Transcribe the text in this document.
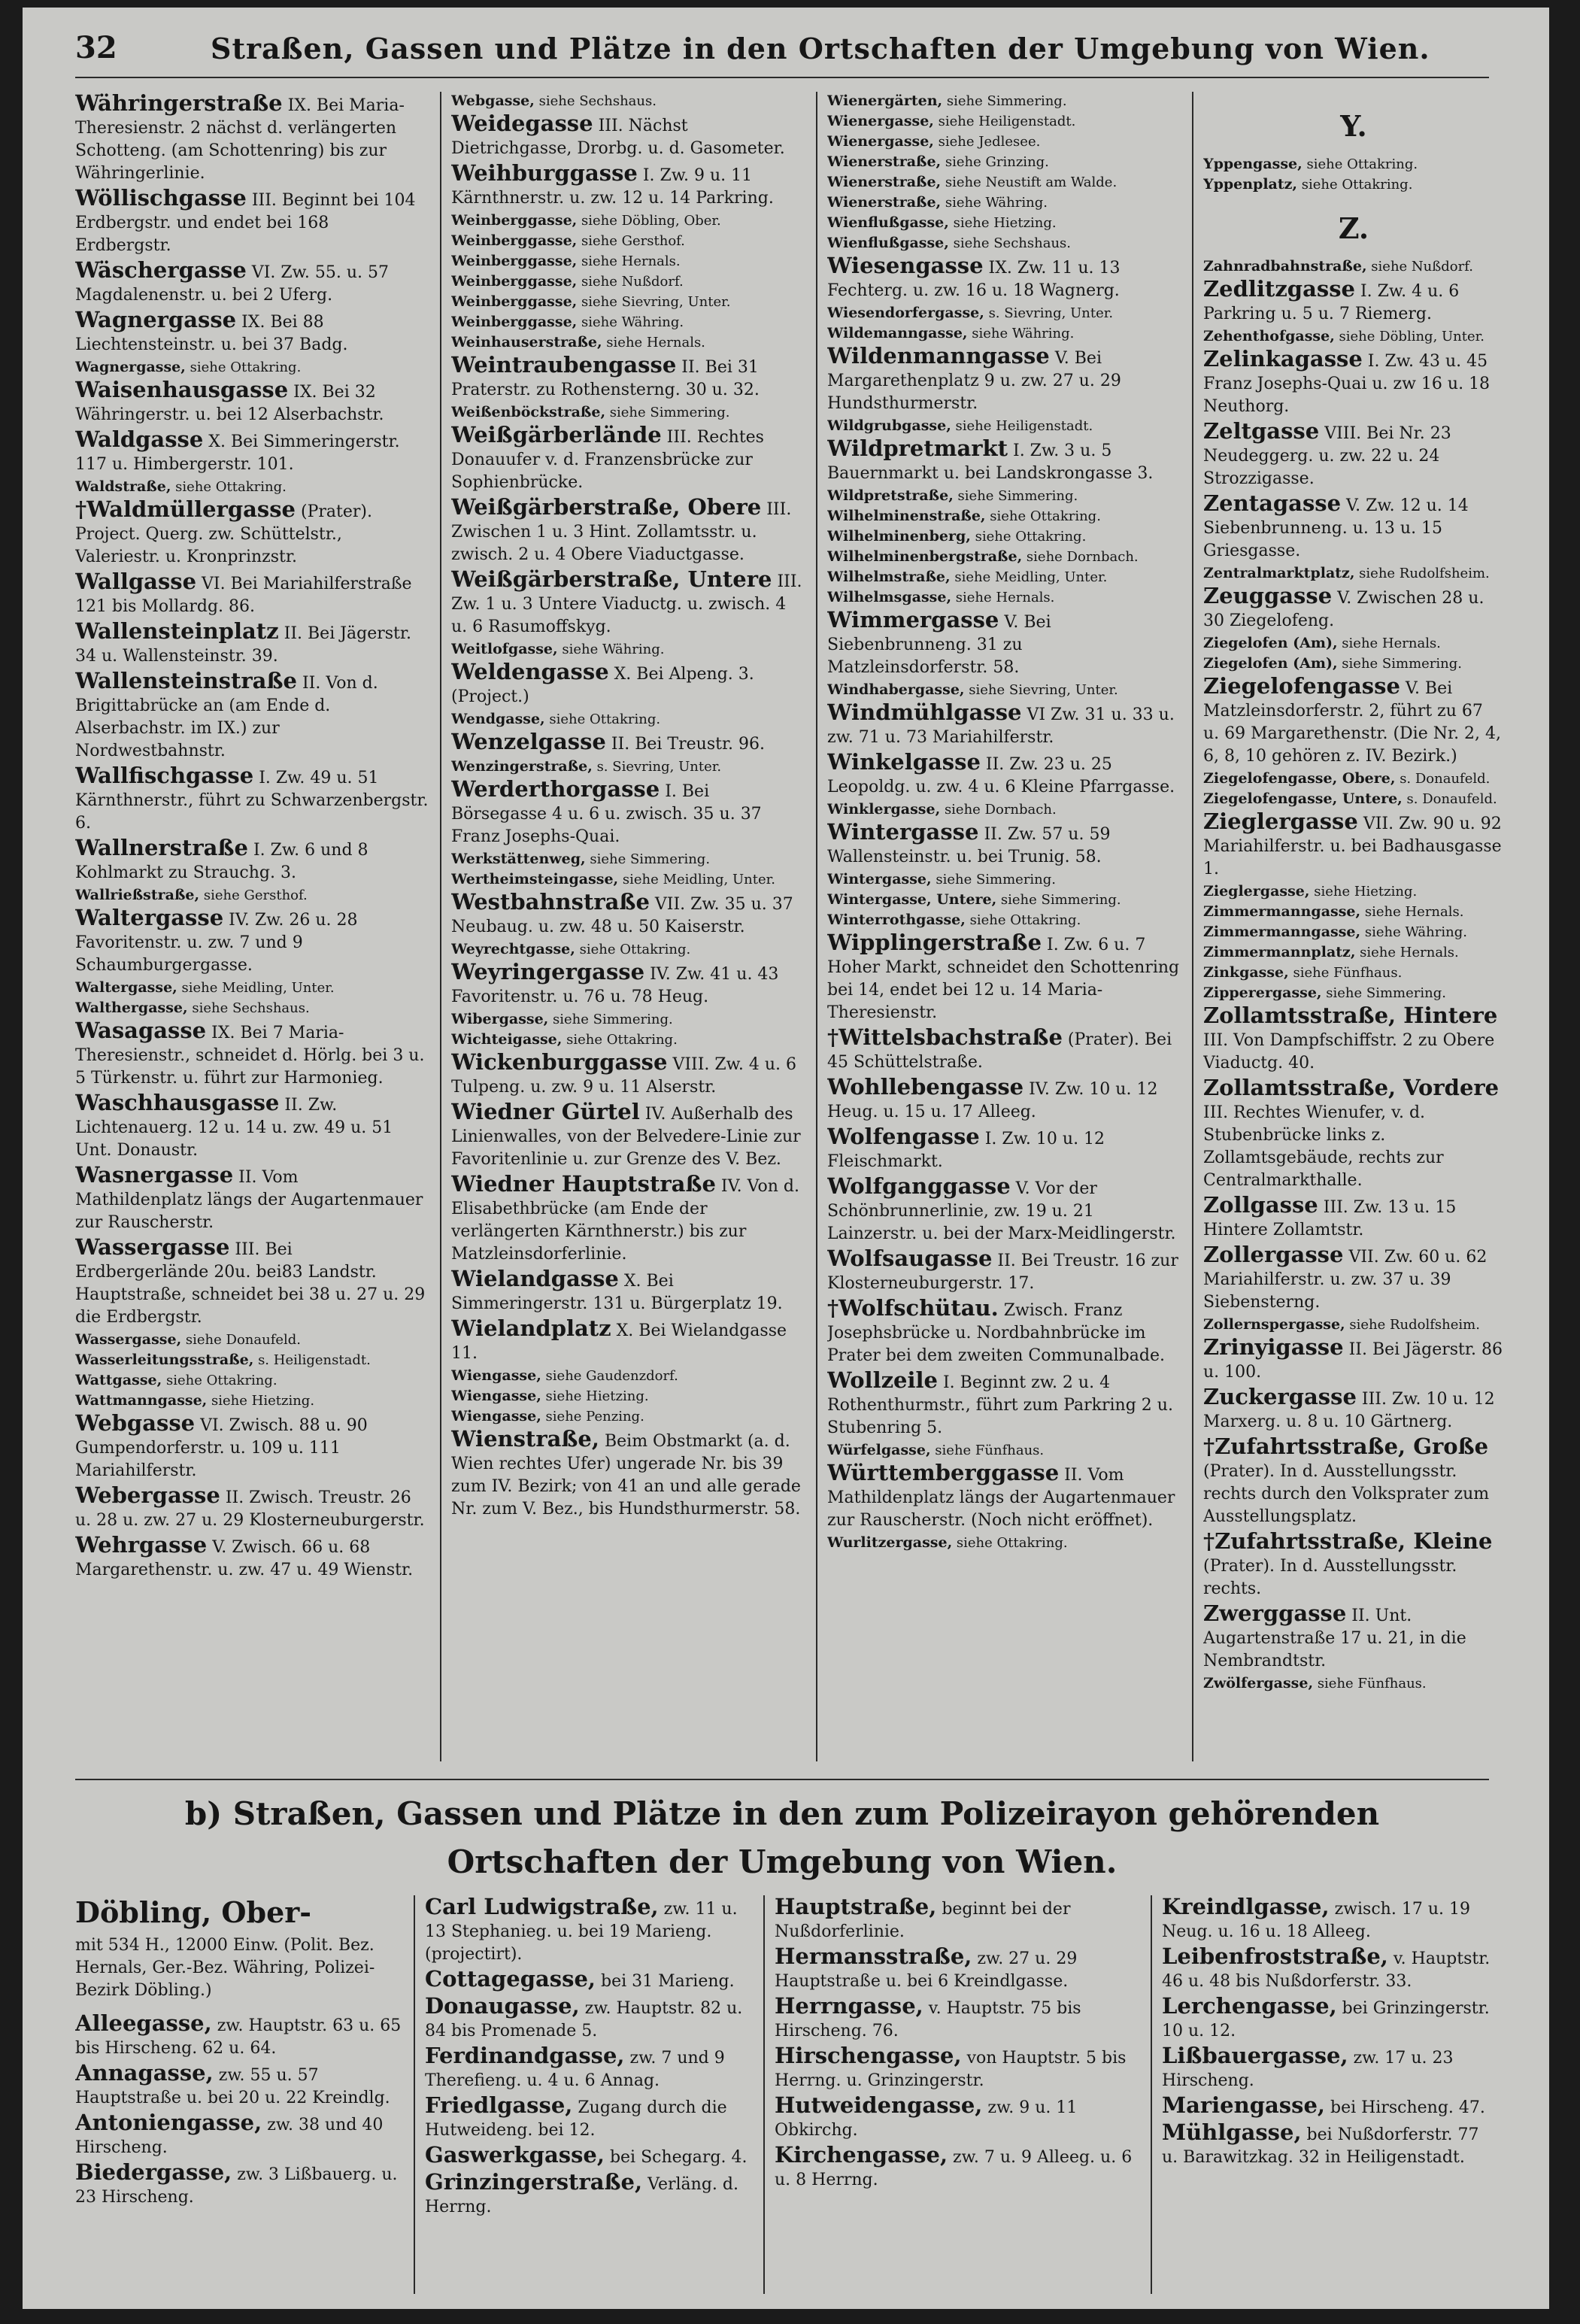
32	Straßen, Gassen und Plätze in den Ortschaften der Umgebung von Wien.
Währingerstraße IX. Bei Maria-Theresienstr. 2 nächst d. verlängerten Schotteng. (am Schottenring) bis zur Währingerlinie.
Wöllischgasse III. Beginnt bei 104 Erdbergstr. und endet bei 168 Erdbergstr.
Wäschergasse VI. Zw. 55. u. 57 Magdalenenstr. u. bei 2 Uferg.
Wagnergasse IX. Bei 88 Liechtensteinstr. u. bei 37 Badg.
Wagnergasse, siehe Ottakring.
Waisenhausgasse IX. Bei 32 Währingerstr. u. bei 12 Alserbachstr.
Waldgasse X. Bei Simmeringerstr. 117 u. Himbergerstr. 101.
Waldstraße, siehe Ottakring.
†Waldmüllergasse (Prater). Project. Querg. zw. Schüttelstr., Valeriestr. u. Kronprinzstr.
Wallgasse VI. Bei Mariahilferstraße 121 bis Mollardg. 86.
Wallensteinplatz II. Bei Jägerstr. 34 u. Wallensteinstr. 39.
Wallensteinstraße II. Von d. Brigittabrücke an (am Ende d. Alserbachstr. im IX.) zur Nordwestbahnstr.
Wallfischgasse I. Zw. 49 u. 51 Kärnthnerstr., führt zu Schwarzenbergstr. 6.
Wallnerstraße I. Zw. 6 und 8 Kohlmarkt zu Strauchg. 3.
Wallrießstraße, siehe Gersthof.
Waltergasse IV. Zw. 26 u. 28 Favoritenstr. u. zw. 7 und 9 Schaumburgergasse.
Waltergasse, siehe Meidling, Unter.
Walthergasse, siehe Sechshaus.
Wasagasse IX. Bei 7 Maria-Theresienstr., schneidet d. Hörlg. bei 3 u. 5 Türkenstr. u. führt zur Harmonieg.
Waschhausgasse II. Zw. Lichtenauerg. 12 u. 14 u. zw. 49 u. 51 Unt. Donaustr.
Wasnergasse II. Vom Mathildenplatz längs der Augartenmauer zur Rauscherstr.
Wassergasse III. Bei Erdbergerlände 20u. bei83 Landstr. Hauptstraße, schneidet bei 38 u. 27 u. 29 die Erdbergstr.
Wassergasse, siehe Donaufeld.
Wasserleitungsstraße, s. Heiligenstadt.
Wattgasse, siehe Ottakring.
Wattmanngasse, siehe Hietzing.
Webgasse VI. Zwisch. 88 u. 90 Gumpendorferstr. u. 109 u. 111 Mariahilferstr.
Webergasse II. Zwisch. Treustr. 26 u. 28 u. zw. 27 u. 29 Klosterneuburgerstr.
Wehrgasse V. Zwisch. 66 u. 68 Margarethenstr. u. zw. 47 u. 49 Wienstr.
Webgasse, siehe Sechshaus.
Weidegasse III. Nächst Dietrichgasse, Drorbg. u. d. Gasometer.
Weihburggasse I. Zw. 9 u. 11 Kärnthnerstr. u. zw. 12 u. 14 Parkring.
Weinberggasse, siehe Döbling, Ober.
Weinberggasse, siehe Gersthof.
Weinberggasse, siehe Hernals.
Weinberggasse, siehe Nußdorf.
Weinberggasse, siehe Sievring, Unter.
Weinberggasse, siehe Währing.
Weinhauserstraße, siehe Hernals.
Weintraubengasse II. Bei 31 Praterstr. zu Rothensterng. 30 u. 32.
Weißenböckstraße, siehe Simmering.
Weißgärberlände III. Rechtes Donauufer v. d. Franzensbrücke zur Sophienbrücke.
Weißgärberstraße, Obere III. Zwischen 1 u. 3 Hint. Zollamtsstr. u. zwisch. 2 u. 4 Obere Viaductgasse.
Weißgärberstraße, Untere III. Zw. 1 u. 3 Untere Viaductg. u. zwisch. 4 u. 6 Rasumoffskyg.
Weitlofgasse, siehe Währing.
Weldengasse X. Bei Alpeng. 3. (Project.)
Wendgasse, siehe Ottakring.
Wenzelgasse II. Bei Treustr. 96.
Wenzingerstraße, s. Sievring, Unter.
Werderthorgasse I. Bei Börsegasse 4 u. 6 u. zwisch. 35 u. 37 Franz Josephs-Quai.
Werkstättenweg, siehe Simmering.
Wertheimsteingasse, siehe Meidling, Unter.
Westbahnstraße VII. Zw. 35 u. 37 Neubaug. u. zw. 48 u. 50 Kaiserstr.
Weyrechtgasse, siehe Ottakring.
Weyringergasse IV. Zw. 41 u. 43 Favoritenstr. u. 76 u. 78 Heug.
Wibergasse, siehe Simmering.
Wichteigasse, siehe Ottakring.
Wickenburggasse VIII. Zw. 4 u. 6 Tulpeng. u. zw. 9 u. 11 Alserstr.
Wiedner Gürtel IV. Außerhalb des Linienwalles, von der Belvedere-Linie zur Favoritenlinie u. zur Grenze des V. Bez.
Wiedner Hauptstraße IV. Von d. Elisabethbrücke (am Ende der verlängerten Kärnthnerstr.) bis zur Matzleinsdorferlinie.
Wielandgasse X. Bei Simmeringerstr. 131 u. Bürgerplatz 19.
Wielandplatz X. Bei Wielandgasse 11.
Wiengasse, siehe Gaudenzdorf.
Wiengasse, siehe Hietzing.
Wiengasse, siehe Penzing.
Wienstraße, Beim Obstmarkt (a. d. Wien rechtes Ufer) ungerade Nr. bis 39 zum IV. Bezirk; von 41 an und alle gerade Nr. zum V. Bez., bis Hundsthurmerstr. 58.
Wienergärten, siehe Simmering.
Wienergasse, siehe Heiligenstadt.
Wienergasse, siehe Jedlesee.
Wienerstraße, siehe Grinzing.
Wienerstraße, siehe Neustift am Walde.
Wienerstraße, siehe Währing.
Wienflußgasse, siehe Hietzing.
Wienflußgasse, siehe Sechshaus.
Wiesengasse IX. Zw. 11 u. 13 Fechterg. u. zw. 16 u. 18 Wagnerg.
Wiesendorfergasse, s. Sievring, Unter.
Wildemanngasse, siehe Währing.
Wildenmanngasse V. Bei Margarethenplatz 9 u. zw. 27 u. 29 Hundsthurmerstr.
Wildgrubgasse, siehe Heiligenstadt.
Wildpretmarkt I. Zw. 3 u. 5 Bauernmarkt u. bei Landskrongasse 3.
Wildpretstraße, siehe Simmering.
Wilhelminenstraße, siehe Ottakring.
Wilhelminenberg, siehe Ottakring.
Wilhelminenbergstraße, siehe Dornbach.
Wilhelmstraße, siehe Meidling, Unter.
Wilhelmsgasse, siehe Hernals.
Wimmergasse V. Bei Siebenbrunneng. 31 zu Matzleinsdorferstr. 58.
Windhabergasse, siehe Sievring, Unter.
Windmühlgasse VI Zw. 31 u. 33 u. zw. 71 u. 73 Mariahilferstr.
Winkelgasse II. Zw. 23 u. 25 Leopoldg. u. zw. 4 u. 6 Kleine Pfarrgasse.
Winklergasse, siehe Dornbach.
Wintergasse II. Zw. 57 u. 59 Wallensteinstr. u. bei Trunig. 58.
Wintergasse, siehe Simmering.
Wintergasse, Untere, siehe Simmering.
Winterrothgasse, siehe Ottakring.
Wipplingerstraße I. Zw. 6 u. 7 Hoher Markt, schneidet den Schottenring bei 14, endet bei 12 u. 14 Maria-Theresienstr.
†Wittelsbachstraße (Prater). Bei 45 Schüttelstraße.
Wohllebengasse IV. Zw. 10 u. 12 Heug. u. 15 u. 17 Alleeg.
Wolfengasse I. Zw. 10 u. 12 Fleischmarkt.
Wolfganggasse V. Vor der Schönbrunnerlinie, zw. 19 u. 21 Lainzerstr. u. bei der Marx-Meidlingerstr.
Wolfsaugasse II. Bei Treustr. 16 zur Klosterneuburgerstr. 17.
†Wolfschütau. Zwisch. Franz Josephsbrücke u. Nordbahnbrücke im Prater bei dem zweiten Communalbade.
Wollzeile I. Beginnt zw. 2 u. 4 Rothenthurmstr., führt zum Parkring 2 u. Stubenring 5.
Würfelgasse, siehe Fünfhaus.
Württemberggasse II. Vom Mathildenplatz längs der Augartenmauer zur Rauscherstr. (Noch nicht eröffnet).
Wurlitzergasse, siehe Ottakring.
Y.
Yppengasse, siehe Ottakring.
Yppenplatz, siehe Ottakring.
Z.
Zahnradbahnstraße, siehe Nußdorf.
Zedlitzgasse I. Zw. 4 u. 6 Parkring u. 5 u. 7 Riemerg.
Zehenthofgasse, siehe Döbling, Unter.
Zelinkagasse I. Zw. 43 u. 45 Franz Josephs-Quai u. zw 16 u. 18 Neuthorg.
Zeltgasse VIII. Bei Nr. 23 Neudeggerg. u. zw. 22 u. 24 Strozzigasse.
Zentagasse V. Zw. 12 u. 14 Siebenbrunneng. u. 13 u. 15 Griesgasse.
Zentralmarktplatz, siehe Rudolfsheim.
Zeuggasse V. Zwischen 28 u. 30 Ziegelofeng.
Ziegelofen (Am), siehe Hernals.
Ziegelofen (Am), siehe Simmering.
Ziegelofengasse V. Bei Matzleinsdorferstr. 2, führt zu 67 u. 69 Margarethenstr. (Die Nr. 2, 4, 6, 8, 10 gehören z. IV. Bezirk.)
Ziegelofengasse, Obere, s. Donaufeld.
Ziegelofengasse, Untere, s. Donaufeld.
Zieglergasse VII. Zw. 90 u. 92 Mariahilferstr. u. bei Badhausgasse 1.
Zieglergasse, siehe Hietzing.
Zimmermanngasse, siehe Hernals.
Zimmermanngasse, siehe Währing.
Zimmermannplatz, siehe Hernals.
Zinkgasse, siehe Fünfhaus.
Zipperergasse, siehe Simmering.
Zollamtsstraße, Hintere III. Von Dampfschiffstr. 2 zu Obere Viaductg. 40.
Zollamtsstraße, Vordere III. Rechtes Wienufer, v. d. Stubenbrücke links z. Zollamtsgebäude, rechts zur Centralmarkthalle.
Zollgasse III. Zw. 13 u. 15 Hintere Zollamtstr.
Zollergasse VII. Zw. 60 u. 62 Mariahilferstr. u. zw. 37 u. 39 Siebensterng.
Zollernspergasse, siehe Rudolfsheim.
Zrinyigasse II. Bei Jägerstr. 86 u. 100.
Zuckergasse III. Zw. 10 u. 12 Marxerg. u. 8 u. 10 Gärtnerg.
†Zufahrtsstraße, Große (Prater). In d. Ausstellungsstr. rechts durch den Volksprater zum Ausstellungsplatz.
†Zufahrtsstraße, Kleine (Prater). In d. Ausstellungsstr. rechts.
Zwerggasse II. Unt. Augartenstraße 17 u. 21, in die Nembrandtstr.
Zwölfergasse, siehe Fünfhaus.
b) Straßen, Gassen und Plätze in den zum Polizeirayon gehörenden Ortschaften der Umgebung von Wien.
Döbling, Ober-
mit 534 H., 12000 Einw. (Polit. Bez. Hernals, Ger.-Bez. Währing, Polizei-Bezirk Döbling.)
Alleegasse, zw. Hauptstr. 63 u. 65 bis Hirscheng. 62 u. 64.
Annagasse, zw. 55 u. 57 Hauptstraße u. bei 20 u. 22 Kreindlg.
Antoniengasse, zw. 38 und 40 Hirscheng.
Biedergasse, zw. 3 Lißbauerg. u. 23 Hirscheng.
Carl Ludwigstraße, zw. 11 u. 13 Stephanieg. u. bei 19 Marieng. (projectirt).
Cottagegasse, bei 31 Marieng.
Donaugasse, zw. Hauptstr. 82 u. 84 bis Promenade 5.
Ferdinandgasse, zw. 7 und 9 Therefieng. u. 4 u. 6 Annag.
Friedlgasse, Zugang durch die Hutweideng. bei 12.
Gaswerkgasse, bei Schegarg. 4.
Grinzingerstraße, Verläng. d. Herrng.
Hauptstraße, beginnt bei der Nußdorferlinie.
Hermansstraße, zw. 27 u. 29 Hauptstraße u. bei 6 Kreindlgasse.
Herrngasse, v. Hauptstr. 75 bis Hirscheng. 76.
Hirschengasse, von Hauptstr. 5 bis Herrng. u. Grinzingerstr.
Hutweidengasse, zw. 9 u. 11 Obkirchg.
Kirchengasse, zw. 7 u. 9 Alleeg. u. 6 u. 8 Herrng.
Kreindlgasse, zwisch. 17 u. 19 Neug. u. 16 u. 18 Alleeg.
Leibenfroststraße, v. Hauptstr. 46 u. 48 bis Nußdorferstr. 33.
Lerchengasse, bei Grinzingerstr. 10 u. 12.
Lißbauergasse, zw. 17 u. 23 Hirscheng.
Mariengasse, bei Hirscheng. 47.
Mühlgasse, bei Nußdorferstr. 77 u. Barawitzkag. 32 in Heiligenstadt.
